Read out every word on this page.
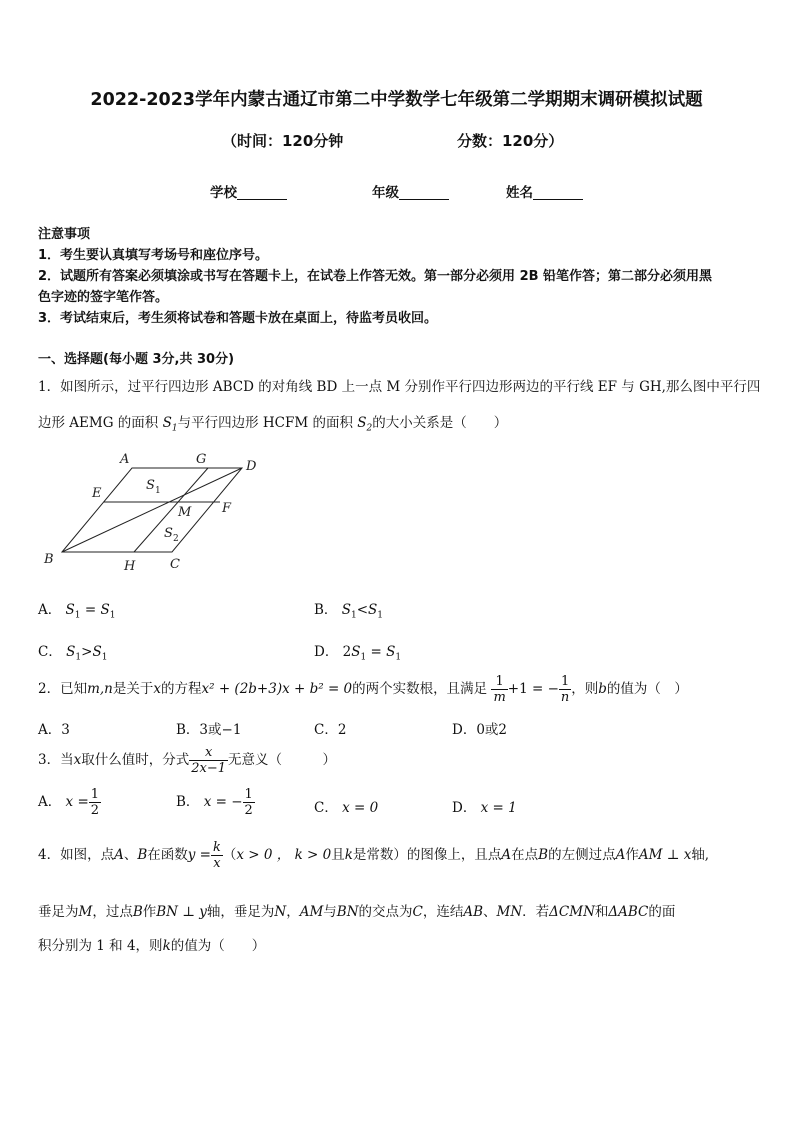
2022-2023学年内蒙古通辽市第二中学数学七年级第二学期期末调研模拟试题
（时间：120分钟	分数：120分）
学校	年级	姓名
注意事项
1．考生要认真填写考场号和座位序号。
2．试题所有答案必须填涂或书写在答题卡上，在试卷上作答无效。第一部分必须用 2B 铅笔作答；第二部分必须用黑
色字迹的签字笔作答。
3．考试结束后，考生须将试卷和答题卡放在桌面上，待监考员收回。
一、选择题(每小题 3分,共 30分)
1．如图所示，过平行四边形 ABCD 的对角线 BD 上一点 M 分别作平行四边形两边的平行线 EF 与 GH,那么图中平行四
边形 AEMG 的面积 $S_1$与平行四边形 HCFM 的面积 $S_2$的大小关系是（　　）
A	G	D
E
F
M
B	H	C
S 1
S 2
A． $S_1 = S_1$	B． $S_1<S_1$
C． $S_1>S_1$	D． $2S_1 = S_1$
2．已知m,n是关于x的方程x² + (2b+3)x + b² = 0的两个实数根，且满足 $\frac{1}{m} +1$ = − $\frac{1}{n}$ ，则b的值为（　）
A．3	B．3或−1	C．2	D．0或2
3．当x取什么值时，分式 $\frac{x}{2x-1}$ 无意义（　　　）
A． $x = \frac{1}{2}$	B． x = − $\frac{1}{2}$	C． x = 0	D． x = 1
4．如图，点A、B在函数$y = \frac{k}{x} (x > 0$ ， k > 0且k是常数）的图像上，且点A在点B的左侧过点A作AM ⊥ x轴,
垂足为M，过点B作BN ⊥ y轴，垂足为N，AM与BN的交点为C，连结AB、MN．若ΔCMN和ΔABC的面
积分别为 1 和 4，则k的值为（　　）
